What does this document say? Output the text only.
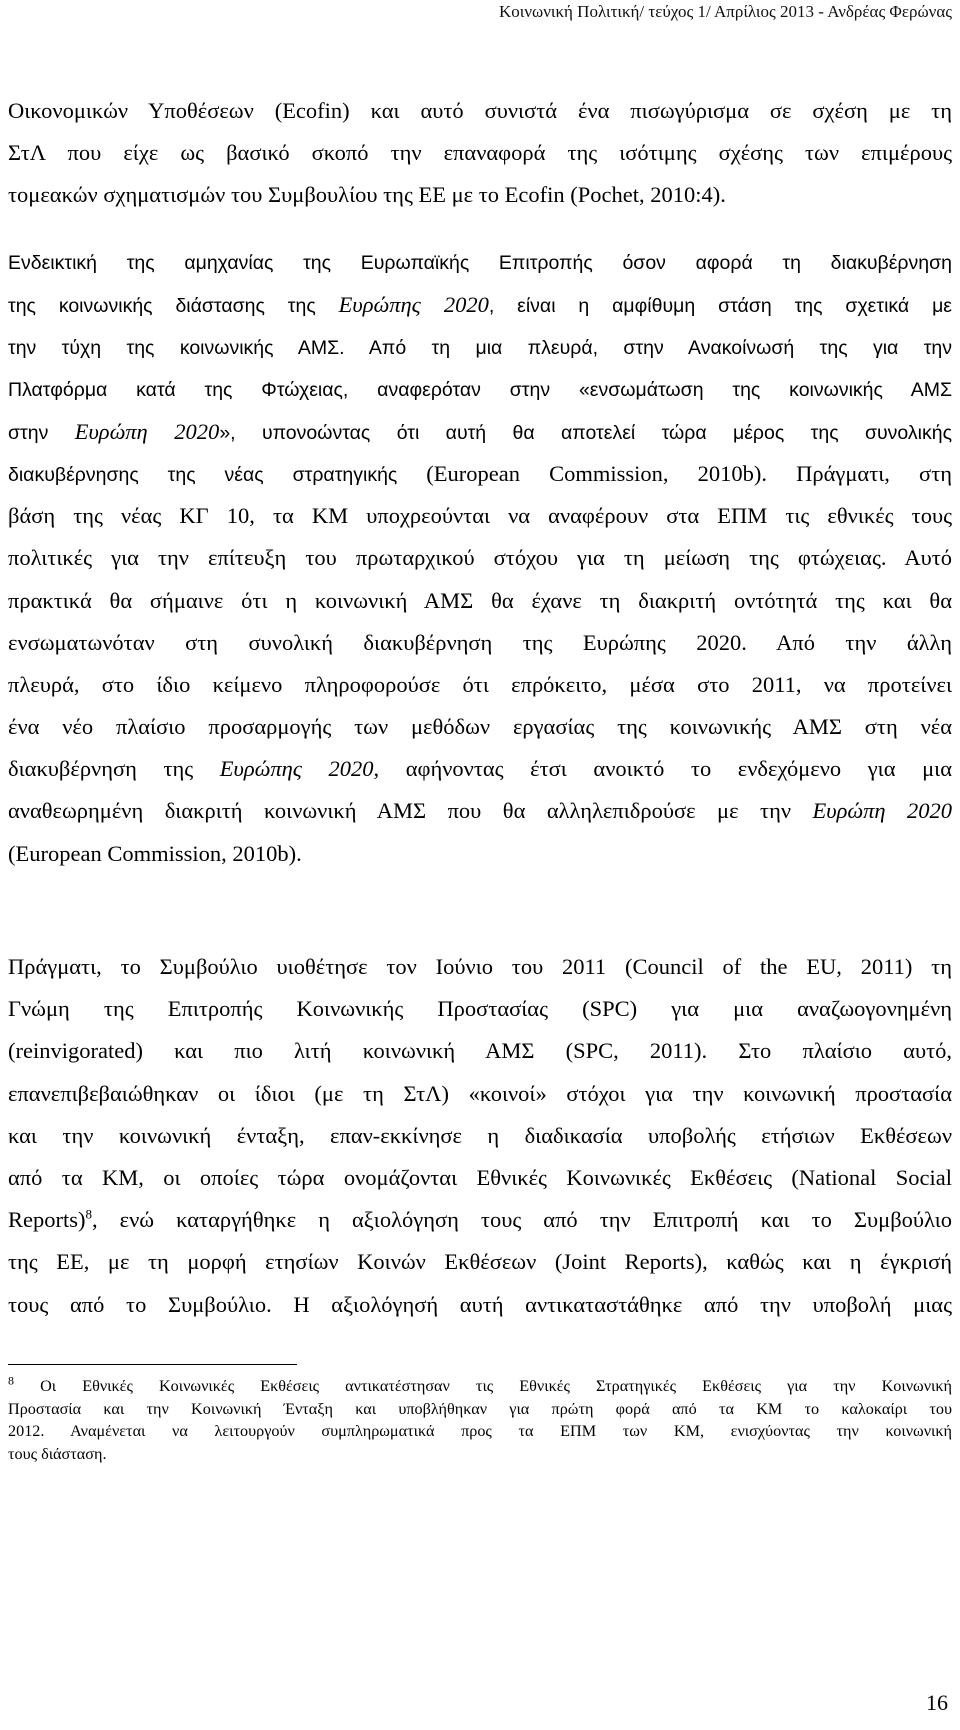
Κοινωνική Πολιτική/ τεύχος 1/ Απρίλιος 2013 - Ανδρέας Φερώνας
Οικονομικών Υποθέσεων (Ecofin) και αυτό συνιστά ένα πισωγύρισμα σε σχέση με τη
ΣτΛ που είχε ως βασικό σκοπό την επαναφορά της ισότιμης σχέσης των επιμέρους
τομεακών σχηματισμών του Συμβουλίου της ΕΕ με το Ecofin (Pochet, 2010:4).
Ενδεικτική της αμηχανίας της Ευρωπαϊκής Επιτροπής όσον αφορά τη διακυβέρνηση
της κοινωνικής διάστασης της Ευρώπης 2020, είναι η αμφίθυμη στάση της σχετικά με
την τύχη της κοινωνικής ΑΜΣ. Από τη μια πλευρά, στην Ανακοίνωσή της για την
Πλατφόρμα κατά της Φτώχειας, αναφερόταν στην «ενσωμάτωση της κοινωνικής ΑΜΣ
στην Ευρώπη 2020», υπονοώντας ότι αυτή θα αποτελεί τώρα μέρος της συνολικής
διακυβέρνησης της νέας στρατηγικής (European Commission, 2010b). Πράγματι, στη
βάση της νέας ΚΓ 10, τα ΚΜ υποχρεούνται να αναφέρουν στα ΕΠΜ τις εθνικές τους
πολιτικές για την επίτευξη του πρωταρχικού στόχου για τη μείωση της φτώχειας. Αυτό
πρακτικά θα σήμαινε ότι η κοινωνική ΑΜΣ θα έχανε τη διακριτή οντότητά της και θα
ενσωματωνόταν στη συνολική διακυβέρνηση της Ευρώπης 2020. Από την άλλη
πλευρά, στο ίδιο κείμενο πληροφορούσε ότι επρόκειτο, μέσα στο 2011, να προτείνει
ένα νέο πλαίσιο προσαρμογής των μεθόδων εργασίας της κοινωνικής ΑΜΣ στη νέα
διακυβέρνηση της Ευρώπης 2020, αφήνοντας έτσι ανοικτό το ενδεχόμενο για μια
αναθεωρημένη διακριτή κοινωνική ΑΜΣ που θα αλληλεπιδρούσε με την Ευρώπη 2020
(European Commission, 2010b).
Πράγματι, το Συμβούλιο υιοθέτησε τον Ιούνιο του 2011 (Council of the EU, 2011) τη
Γνώμη της Επιτροπής Κοινωνικής Προστασίας (SPC) για μια αναζωογονημένη
(reinvigorated) και πιο λιτή κοινωνική ΑΜΣ (SPC, 2011). Στο πλαίσιο αυτό,
επανεπιβεβαιώθηκαν οι ίδιοι (με τη ΣτΛ) «κοινοί» στόχοι για την κοινωνική προστασία
και την κοινωνική ένταξη, επαν-εκκίνησε η διαδικασία υποβολής ετήσιων Εκθέσεων
από τα ΚΜ, οι οποίες τώρα ονομάζονται Εθνικές Κοινωνικές Εκθέσεις (National Social
Reports)$^8$, ενώ καταργήθηκε η αξιολόγηση τους από την Επιτροπή και το Συμβούλιο
της ΕΕ, με τη μορφή ετησίων Κοινών Εκθέσεων (Joint Reports), καθώς και η έγκρισή
τους από το Συμβούλιο. Η αξιολόγησή αυτή αντικαταστάθηκε από την υποβολή μιας
$^8$ Οι Εθνικές Κοινωνικές Εκθέσεις αντικατέστησαν τις Εθνικές Στρατηγικές Εκθέσεις για την Κοινωνική
Προστασία και την Κοινωνική Ένταξη και υποβλήθηκαν για πρώτη φορά από τα ΚΜ το καλοκαίρι του
2012. Αναμένεται να λειτουργούν συμπληρωματικά προς τα ΕΠΜ των ΚΜ, ενισχύοντας την κοινωνική
τους διάσταση.
16
